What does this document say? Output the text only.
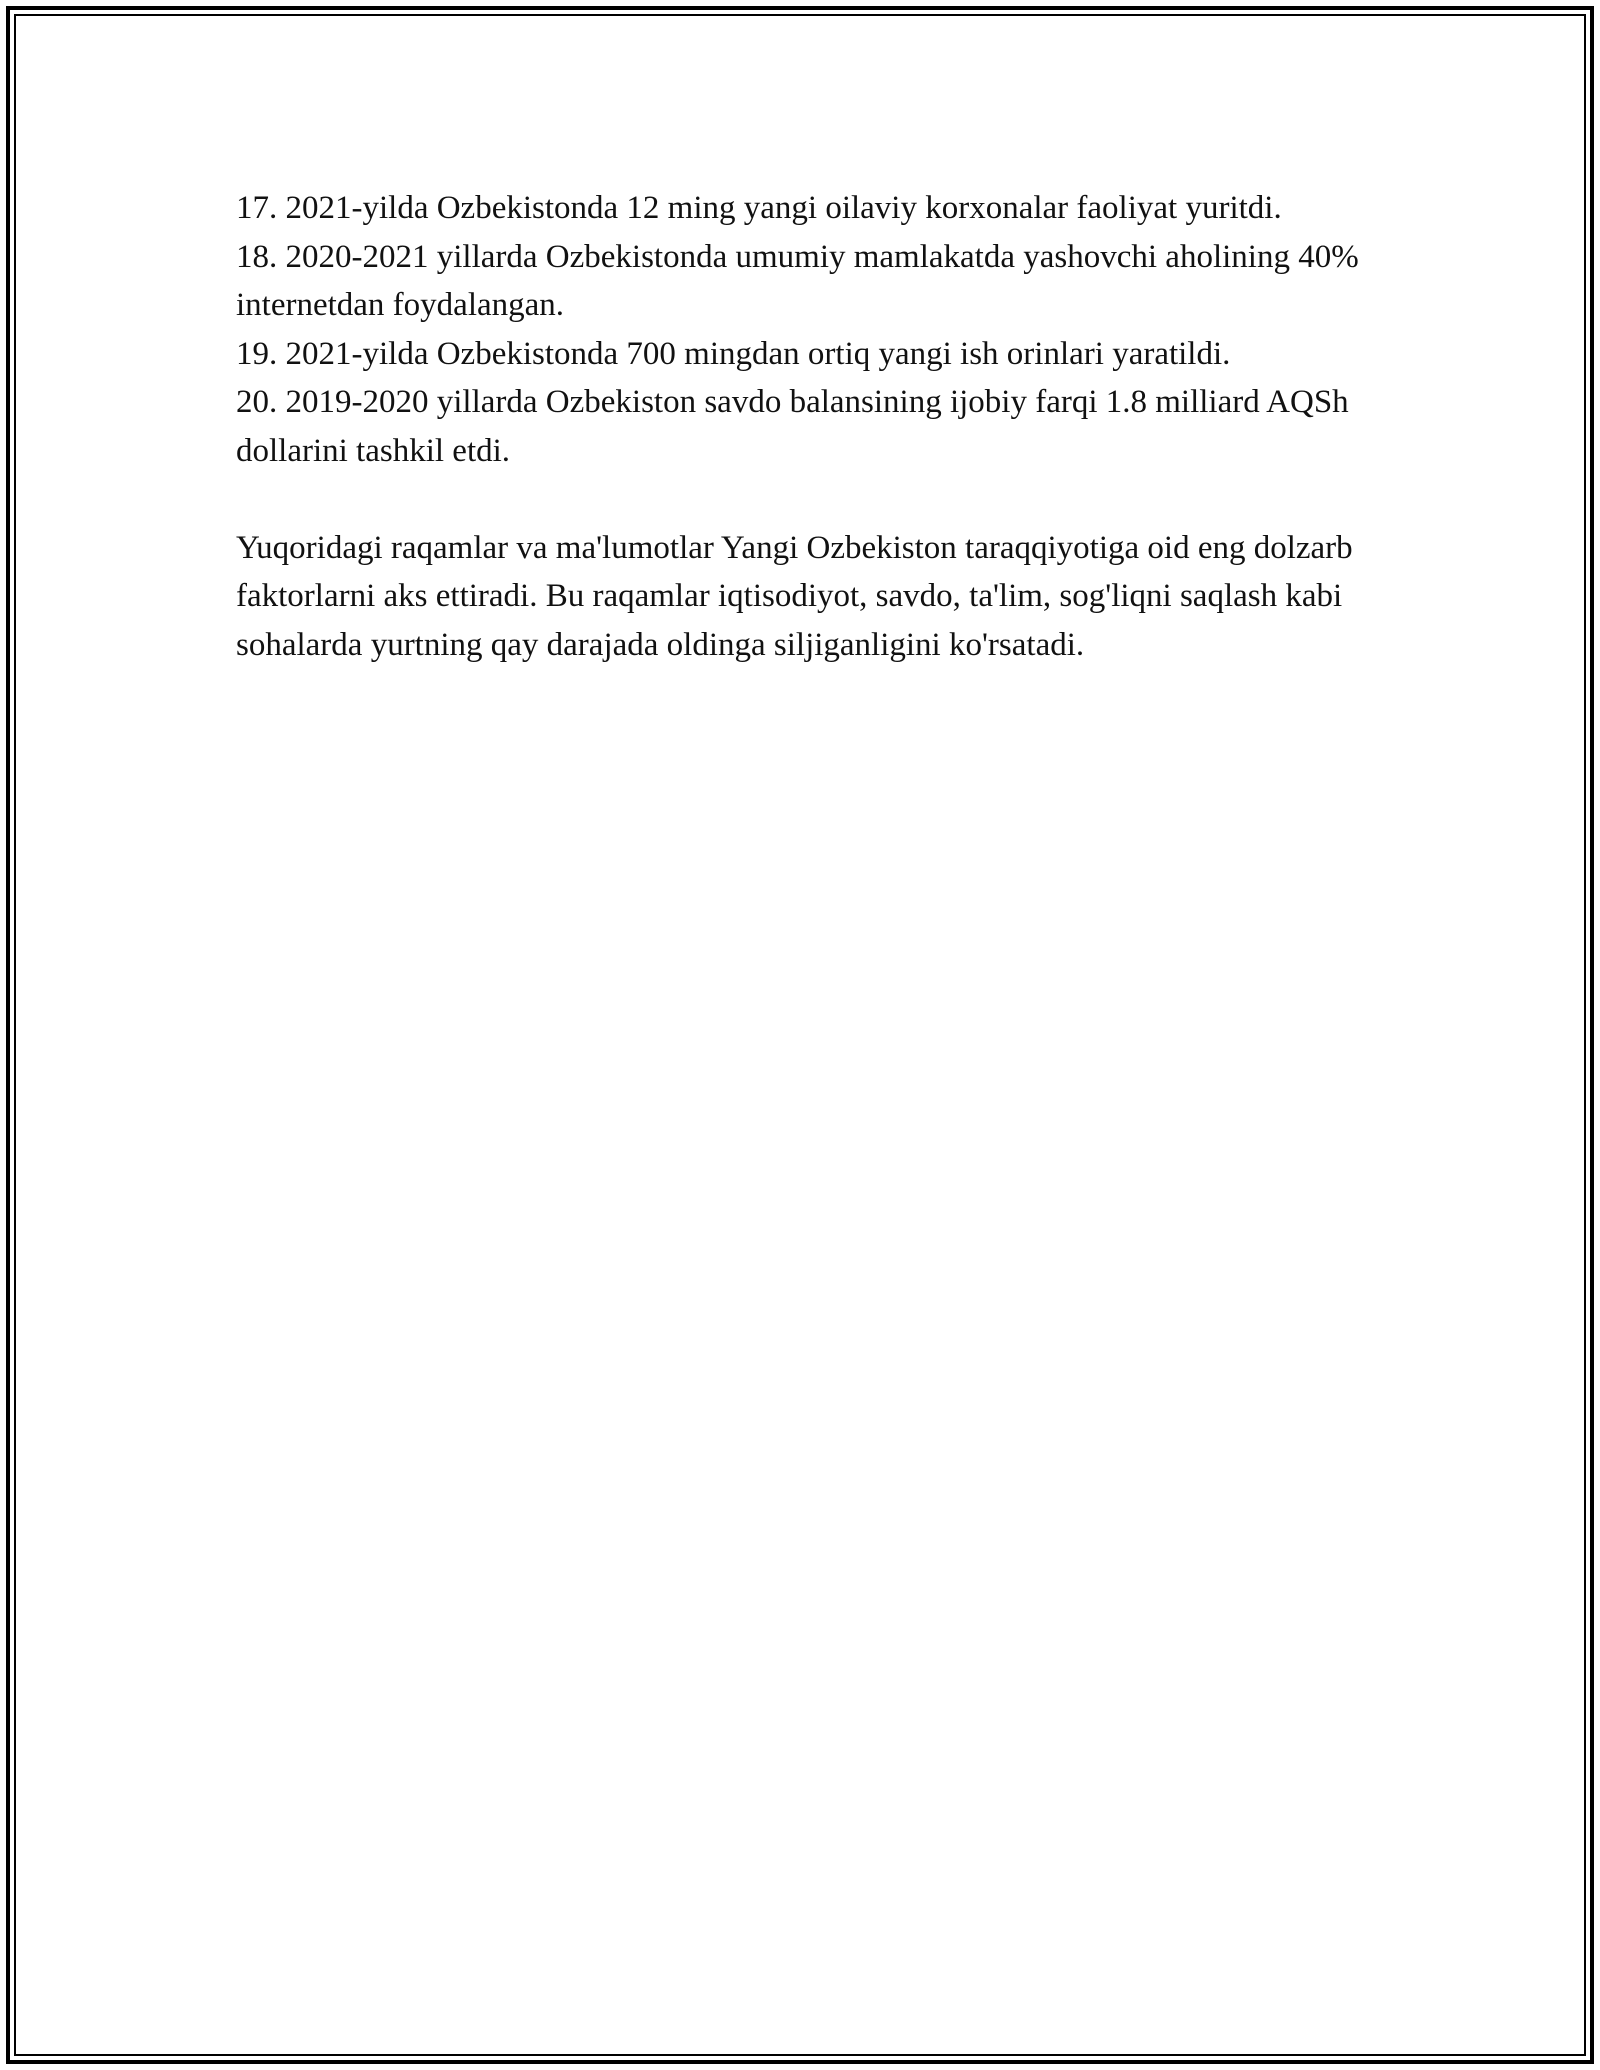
17. 2021-yilda Ozbekistonda 12 ming yangi oilaviy korxonalar faoliyat yuritdi.

18. 2020-2021 yillarda Ozbekistonda umumiy mamlakatda yashovchi aholining 40% internetdan foydalangan.

19. 2021-yilda Ozbekistonda 700 mingdan ortiq yangi ish orinlari yaratildi.

20. 2019-2020 yillarda Ozbekiston savdo balansining ijobiy farqi 1.8 milliard AQSh dollarini tashkil etdi.

Yuqoridagi raqamlar va ma'lumotlar Yangi Ozbekiston taraqqiyotiga oid eng dolzarb faktorlarni aks ettiradi. Bu raqamlar iqtisodiyot, savdo, ta'lim, sog'liqni saqlash kabi sohalarda yurtning qay darajada oldinga siljiganligini ko'rsatadi.
